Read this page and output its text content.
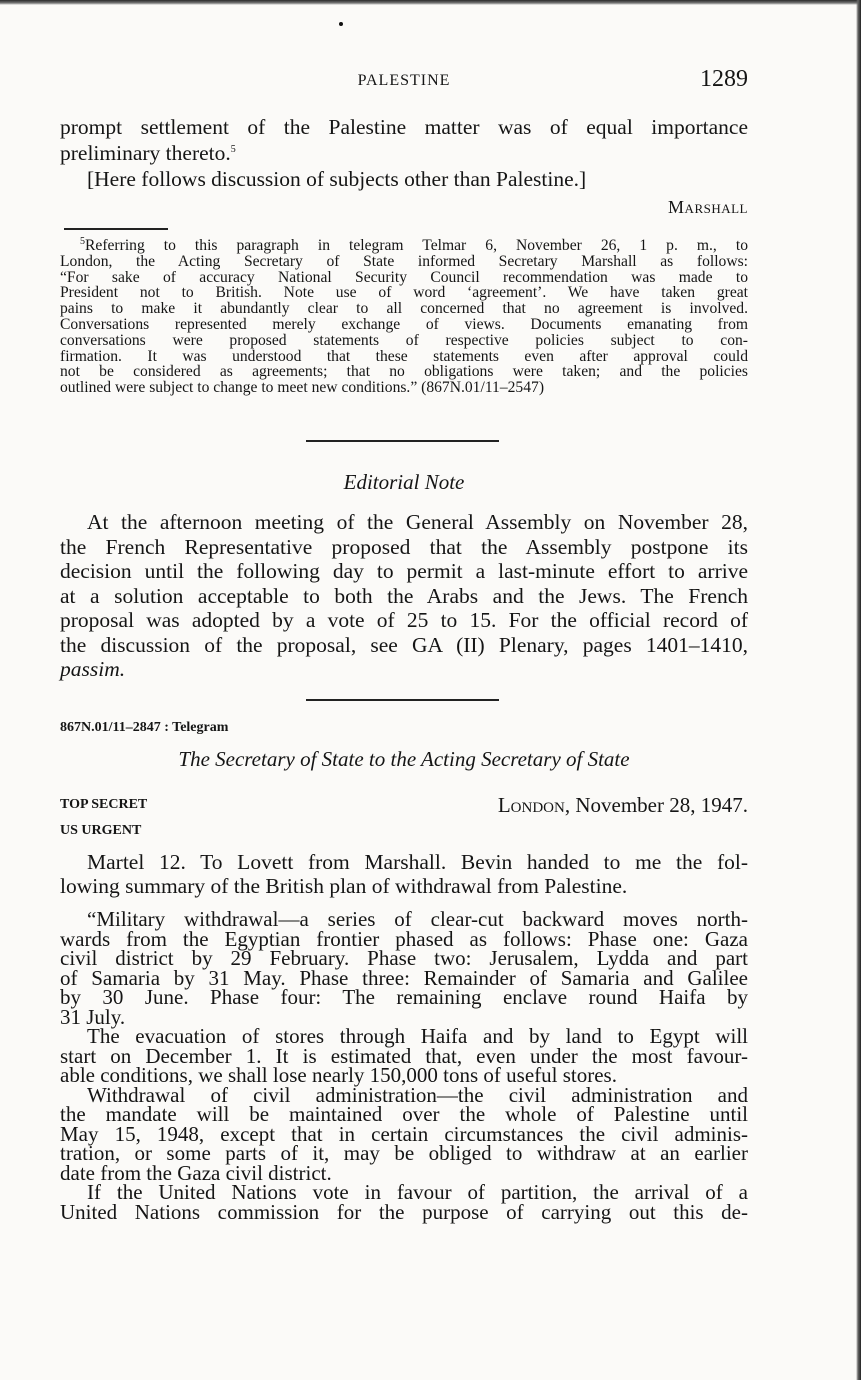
PALESTINE	1289

prompt settlement of the Palestine matter was of equal importance

preliminary thereto.$^5$

[Here follows discussion of subjects other than Palestine.]

Marshall

$^5$Referring to this paragraph in telegram Telmar 6, November 26, 1 p. m., to

London, the Acting Secretary of State informed Secretary Marshall as follows:

“For sake of accuracy National Security Council recommendation was made to

President not to British. Note use of word ‘agreement’. We have taken great

pains to make it abundantly clear to all concerned that no agreement is involved.

Conversations represented merely exchange of views. Documents emanating from

conversations were proposed statements of respective policies subject to con-

firmation. It was understood that these statements even after approval could

not be considered as agreements; that no obligations were taken; and the policies

outlined were subject to change to meet new conditions.” (867N.01/11–2547)

Editorial Note

At the afternoon meeting of the General Assembly on November 28,

the French Representative proposed that the Assembly postpone its

decision until the following day to permit a last-minute effort to arrive

at a solution acceptable to both the Arabs and the Jews. The French

proposal was adopted by a vote of 25 to 15. For the official record of

the discussion of the proposal, see GA (II) Plenary, pages 1401–1410,

passim.

867N.01/11–2847 : Telegram
The Secretary of State to the Acting Secretary of State
TOP SECRET
US URGENT
London, November 28, 1947.

Martel 12. To Lovett from Marshall. Bevin handed to me the fol-

lowing summary of the British plan of withdrawal from Palestine.

“Military withdrawal—a series of clear-cut backward moves north-

wards from the Egyptian frontier phased as follows: Phase one: Gaza

civil district by 29 February. Phase two: Jerusalem, Lydda and part

of Samaria by 31 May. Phase three: Remainder of Samaria and Galilee

by 30 June. Phase four: The remaining enclave round Haifa by

31 July.

The evacuation of stores through Haifa and by land to Egypt will

start on December 1. It is estimated that, even under the most favour-

able conditions, we shall lose nearly 150,000 tons of useful stores.

Withdrawal of civil administration—the civil administration and

the mandate will be maintained over the whole of Palestine until

May 15, 1948, except that in certain circumstances the civil adminis-

tration, or some parts of it, may be obliged to withdraw at an earlier

date from the Gaza civil district.

If the United Nations vote in favour of partition, the arrival of a

United Nations commission for the purpose of carrying out this de-
